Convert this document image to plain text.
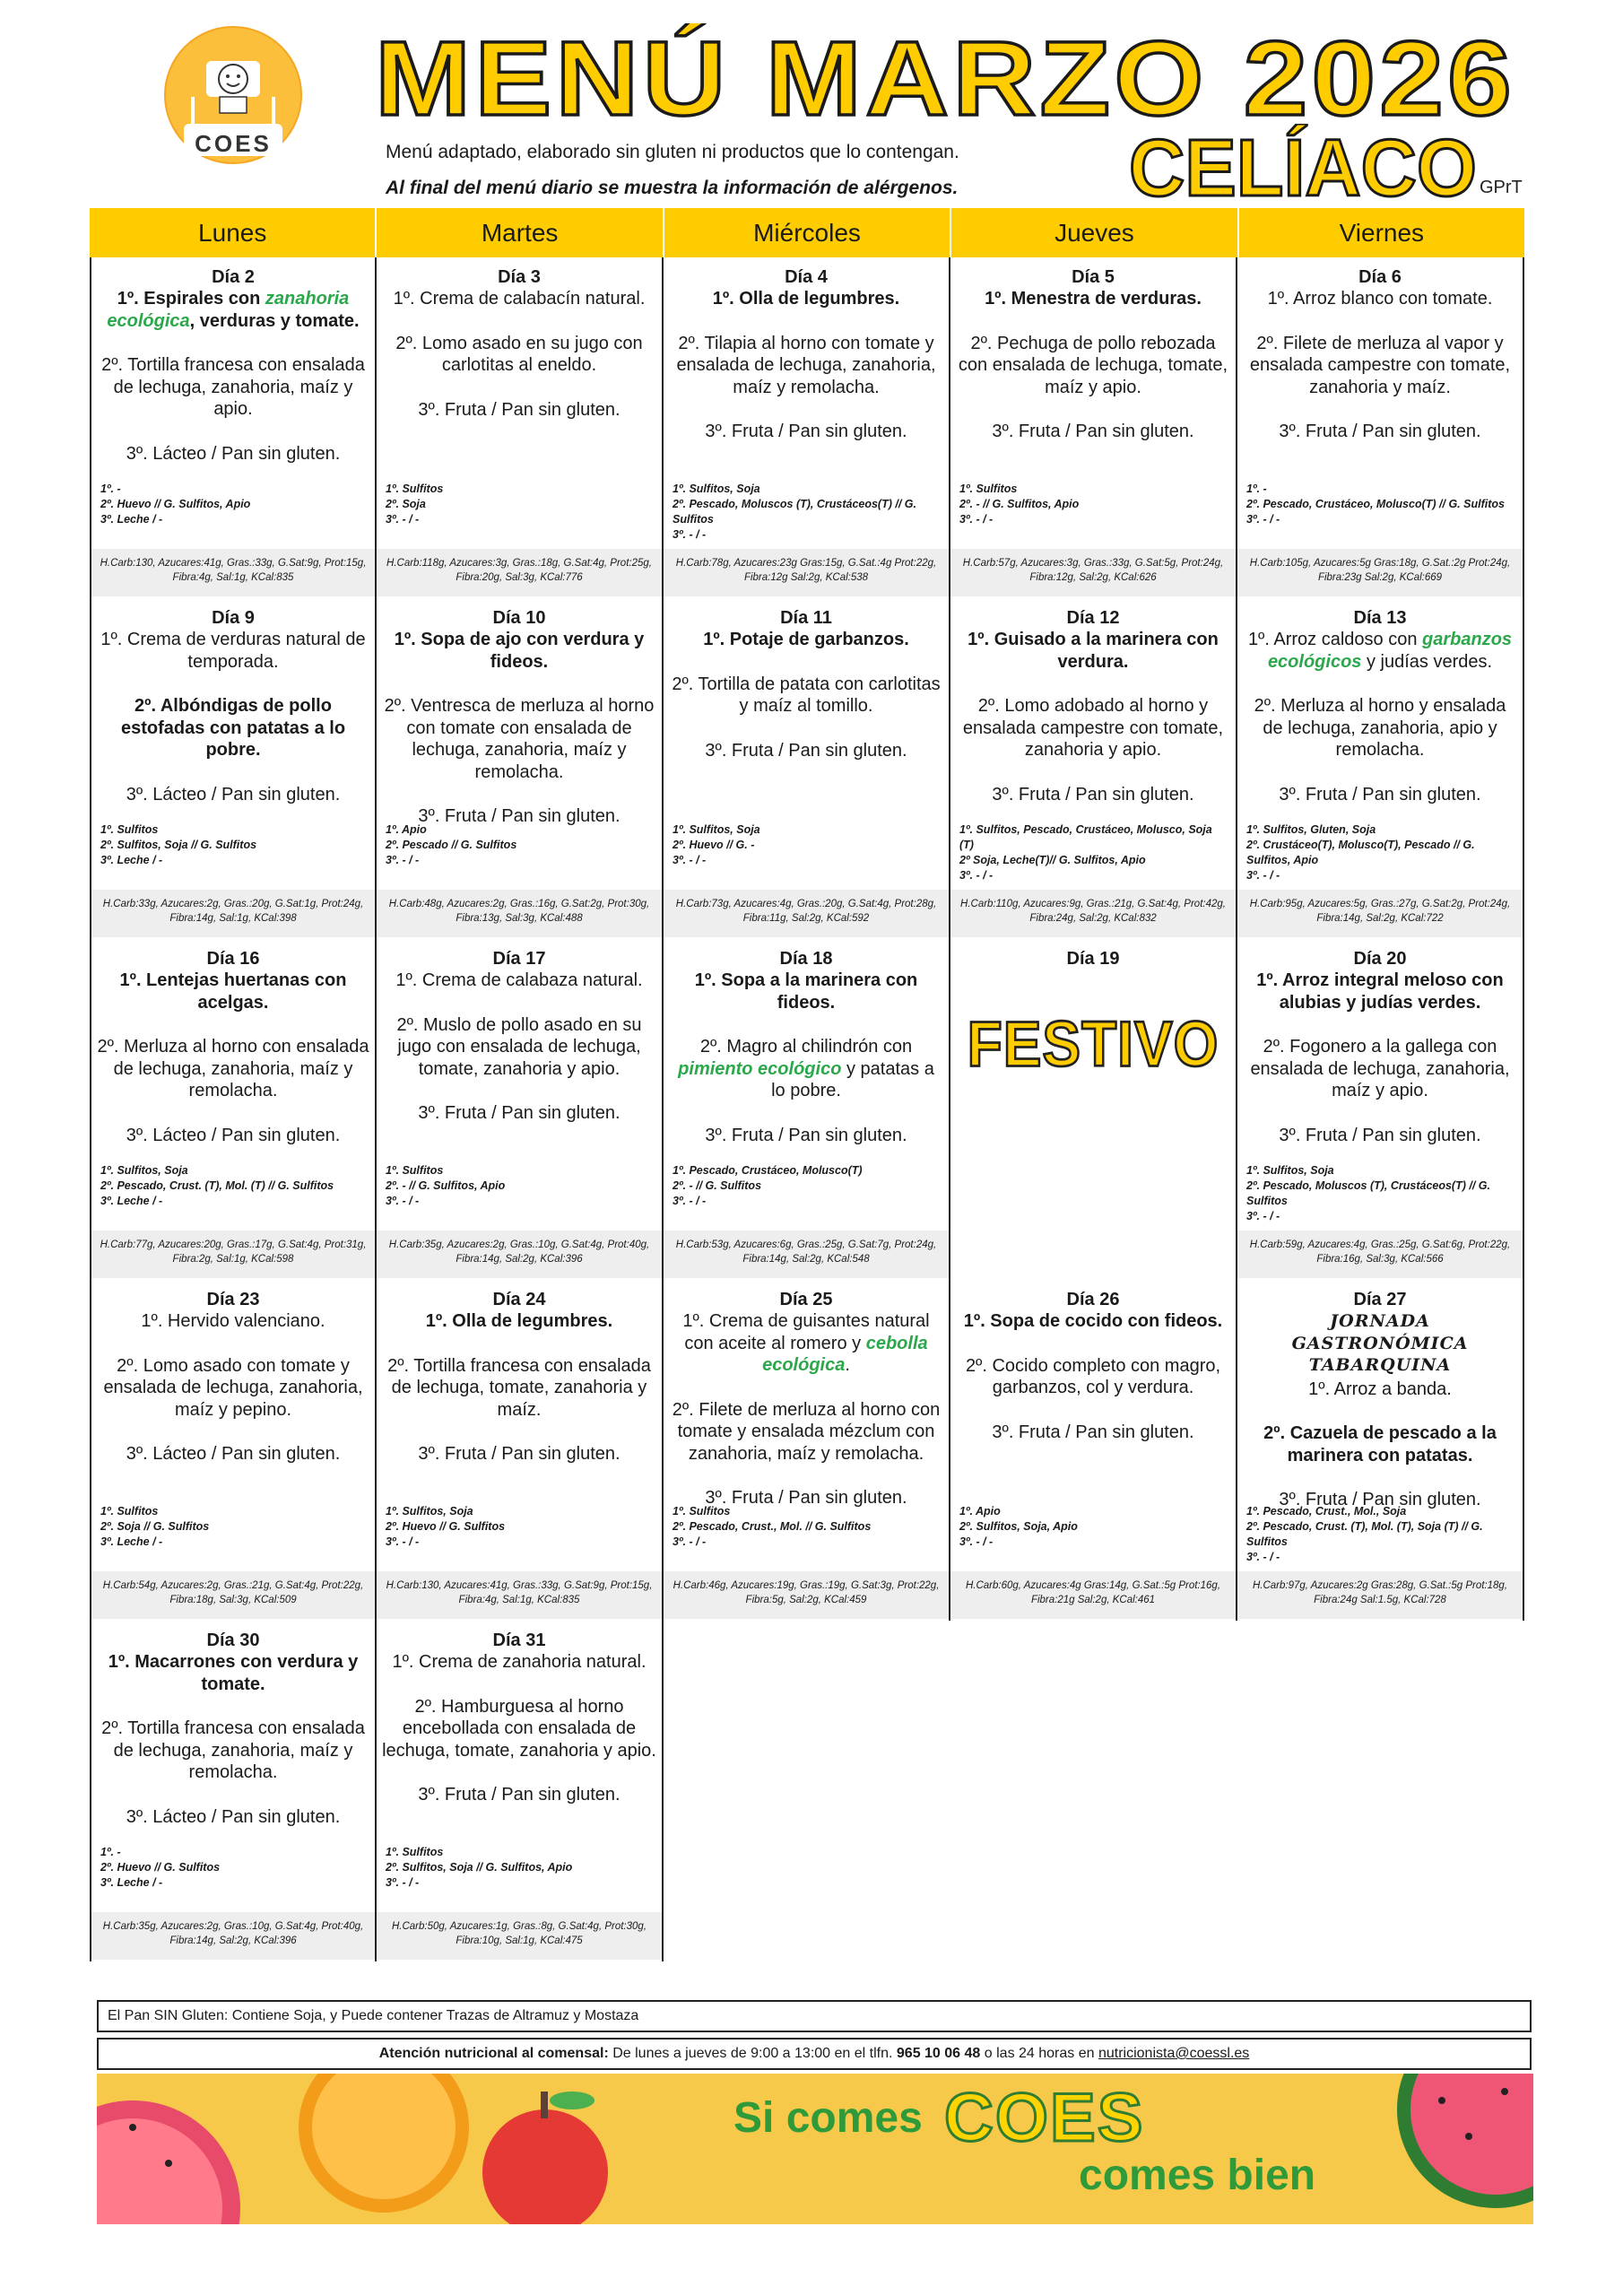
COES
MENÚ MARZO 2026
CELÍACO
GPrT
Menú adaptado, elaborado sin gluten ni productos que lo contengan.
Al final del menú diario se muestra la información de alérgenos.
Lunes	Martes	Miércoles	Jueves	Viernes
Día 2

1º. Espirales con zanahoria ecológica, verduras y tomate.

2º. Tortilla francesa con ensalada de lechuga, zanahoria, maíz y apio.

3º. Lácteo / Pan sin gluten.

1º. -
2º. Huevo // G. Sulfitos, Apio
3º. Leche / -
H.Carb:130, Azucares:41g, Gras.:33g, G.Sat:9g, Prot:15g, Fibra:4g, Sal:1g, KCal:835
Día 3

1º. Crema de calabacín natural.

2º. Lomo asado en su jugo con carlotitas al eneldo.

3º. Fruta / Pan sin gluten.

1º. Sulfitos
2º. Soja
3º. - / -
H.Carb:118g, Azucares:3g, Gras.:18g, G.Sat:4g, Prot:25g, Fibra:20g, Sal:3g, KCal:776
Día 4

1º. Olla de legumbres.

2º. Tilapia al horno con tomate y ensalada de lechuga, zanahoria, maíz y remolacha.

3º. Fruta / Pan sin gluten.

1º. Sulfitos, Soja
2º. Pescado, Moluscos (T), Crustáceos(T) // G. Sulfitos
3º. - / -
H.Carb:78g, Azucares:23g Gras:15g, G.Sat.:4g Prot:22g, Fibra:12g Sal:2g, KCal:538
Día 5

1º. Menestra de verduras.

2º. Pechuga de pollo rebozada con ensalada de lechuga, tomate, maíz y apio.

3º. Fruta / Pan sin gluten.

1º. Sulfitos
2º. - // G. Sulfitos, Apio
3º. - / -
H.Carb:57g, Azucares:3g, Gras.:33g, G.Sat:5g, Prot:24g, Fibra:12g, Sal:2g, KCal:626
Día 6

1º. Arroz blanco con tomate.

2º. Filete de merluza al vapor y ensalada campestre con tomate, zanahoria y maíz.

3º. Fruta / Pan sin gluten.

1º. -
2º. Pescado, Crustáceo, Molusco(T) // G. Sulfitos
3º. - / -
H.Carb:105g, Azucares:5g Gras:18g, G.Sat.:2g Prot:24g, Fibra:23g Sal:2g, KCal:669
Día 9

1º. Crema de verduras natural de temporada.

2º. Albóndigas de pollo estofadas con patatas a lo pobre.

3º. Lácteo / Pan sin gluten.

1º. Sulfitos
2º. Sulfitos, Soja // G. Sulfitos
3º. Leche / -
H.Carb:33g, Azucares:2g, Gras.:20g, G.Sat:1g, Prot:24g, Fibra:14g, Sal:1g, KCal:398
Día 10

1º. Sopa de ajo con verdura y fideos.

2º. Ventresca de merluza al horno con tomate con ensalada de lechuga, zanahoria, maíz y remolacha.

3º. Fruta / Pan sin gluten.

1º. Apio
2º. Pescado // G. Sulfitos
3º. - / -
H.Carb:48g, Azucares:2g, Gras.:16g, G.Sat:2g, Prot:30g, Fibra:13g, Sal:3g, KCal:488
Día 11

1º. Potaje de garbanzos.

2º. Tortilla de patata con carlotitas y maíz al tomillo.

3º. Fruta / Pan sin gluten.

1º. Sulfitos, Soja
2º. Huevo // G. -
3º. - / -
H.Carb:73g, Azucares:4g, Gras.:20g, G.Sat:4g, Prot:28g, Fibra:11g, Sal:2g, KCal:592
Día 12

1º. Guisado a la marinera con verdura.

2º. Lomo adobado al horno y ensalada campestre con tomate, zanahoria y apio.

3º. Fruta / Pan sin gluten.

1º. Sulfitos, Pescado, Crustáceo, Molusco, Soja (T)
2º Soja, Leche(T)// G. Sulfitos, Apio
3º. - / -
H.Carb:110g, Azucares:9g, Gras.:21g, G.Sat:4g, Prot:42g, Fibra:24g, Sal:2g, KCal:832
Día 13

1º. Arroz caldoso con garbanzos ecológicos y judías verdes.

2º. Merluza al horno y ensalada de lechuga, zanahoria, apio y remolacha.

3º. Fruta / Pan sin gluten.

1º. Sulfitos, Gluten, Soja
2º. Crustáceo(T), Molusco(T), Pescado // G. Sulfitos, Apio
3º. - / -
H.Carb:95g, Azucares:5g, Gras.:27g, G.Sat:2g, Prot:24g, Fibra:14g, Sal:2g, KCal:722
Día 16

1º. Lentejas huertanas con acelgas.

2º. Merluza al horno con ensalada de lechuga, zanahoria, maíz y remolacha.

3º. Lácteo / Pan sin gluten.

1º. Sulfitos, Soja
2º. Pescado, Crust. (T), Mol. (T) // G. Sulfitos
3º. Leche / -
H.Carb:77g, Azucares:20g, Gras.:17g, G.Sat:4g, Prot:31g, Fibra:2g, Sal:1g, KCal:598
Día 17

1º. Crema de calabaza natural.

2º. Muslo de pollo asado en su jugo con ensalada de lechuga, tomate, zanahoria y apio.

3º. Fruta / Pan sin gluten.

1º. Sulfitos
2º. - // G. Sulfitos, Apio
3º. - / -
H.Carb:35g, Azucares:2g, Gras.:10g, G.Sat:4g, Prot:40g, Fibra:14g, Sal:2g, KCal:396
Día 18

1º. Sopa a la marinera con fideos.

2º. Magro al chilindrón con pimiento ecológico y patatas a lo pobre.

3º. Fruta / Pan sin gluten.

1º. Pescado, Crustáceo, Molusco(T)
2º. - // G. Sulfitos
3º. - / -
H.Carb:53g, Azucares:6g, Gras.:25g, G.Sat:7g, Prot:24g, Fibra:14g, Sal:2g, KCal:548
Día 19
FESTIVO
Día 20

1º. Arroz integral meloso con alubias y judías verdes.

2º. Fogonero a la gallega con ensalada de lechuga, zanahoria, maíz y apio.

3º. Fruta / Pan sin gluten.

1º. Sulfitos, Soja
2º. Pescado, Moluscos (T), Crustáceos(T) // G. Sulfitos
3º. - / -
H.Carb:59g, Azucares:4g, Gras.:25g, G.Sat:6g, Prot:22g, Fibra:16g, Sal:3g, KCal:566
Día 23

1º. Hervido valenciano.

2º. Lomo asado con tomate y ensalada de lechuga, zanahoria, maíz y pepino.

3º. Lácteo / Pan sin gluten.

1º. Sulfitos
2º. Soja // G. Sulfitos
3º. Leche / -
H.Carb:54g, Azucares:2g, Gras.:21g, G.Sat:4g, Prot:22g, Fibra:18g, Sal:3g, KCal:509
Día 24

1º. Olla de legumbres.

2º. Tortilla francesa con ensalada de lechuga, tomate, zanahoria y maíz.

3º. Fruta / Pan sin gluten.

1º. Sulfitos, Soja
2º. Huevo // G. Sulfitos
3º. - / -
H.Carb:130, Azucares:41g, Gras.:33g, G.Sat:9g, Prot:15g, Fibra:4g, Sal:1g, KCal:835
Día 25

1º. Crema de guisantes natural con aceite al romero y cebolla ecológica.

2º. Filete de merluza al horno con tomate y ensalada mézclum con zanahoria, maíz y remolacha.

3º. Fruta / Pan sin gluten.

1º. Sulfitos
2º. Pescado, Crust., Mol. // G. Sulfitos
3º. - / -
H.Carb:46g, Azucares:19g, Gras.:19g, G.Sat:3g, Prot:22g, Fibra:5g, Sal:2g, KCal:459
Día 26

1º. Sopa de cocido con fideos.

2º. Cocido completo con magro, garbanzos, col y verdura.

3º. Fruta / Pan sin gluten.

1º. Apio
2º. Sulfitos, Soja, Apio
3º. - / -
H.Carb:60g, Azucares:4g Gras:14g, G.Sat.:5g Prot:16g, Fibra:21g Sal:2g, KCal:461
Día 27
JORNADA GASTRONÓMICA TABARQUINA

1º. Arroz a banda.

2º. Cazuela de pescado a la marinera con patatas.

3º. Fruta / Pan sin gluten.

1º. Pescado, Crust., Mol., Soja
2º. Pescado, Crust. (T), Mol. (T), Soja (T) // G. Sulfitos
3º. - / -
H.Carb:97g, Azucares:2g Gras:28g, G.Sat.:5g Prot:18g, Fibra:24g Sal:1.5g, KCal:728
Día 30

1º. Macarrones con verdura y tomate.

2º. Tortilla francesa con ensalada de lechuga, zanahoria, maíz y remolacha.

3º. Lácteo / Pan sin gluten.

1º. -
2º. Huevo // G. Sulfitos
3º. Leche / -
H.Carb:35g, Azucares:2g, Gras.:10g, G.Sat:4g, Prot:40g, Fibra:14g, Sal:2g, KCal:396
Día 31

1º. Crema de zanahoria natural.

2º. Hamburguesa al horno encebollada con ensalada de lechuga, tomate, zanahoria y apio.

3º. Fruta / Pan sin gluten.

1º. Sulfitos
2º. Sulfitos, Soja // G. Sulfitos, Apio
3º. - / -
H.Carb:50g, Azucares:1g, Gras.:8g, G.Sat:4g, Prot:30g, Fibra:10g, Sal:1g, KCal:475
El Pan SIN Gluten: Contiene Soja, y Puede contener Trazas de Altramuz y Mostaza
Atención nutricional al comensal: De lunes a jueves de 9:00 a 13:00 en el tlfn. 965 10 06 48 o las 24 horas en nutricionista@coessl.es
Si comes COES
comes bien
